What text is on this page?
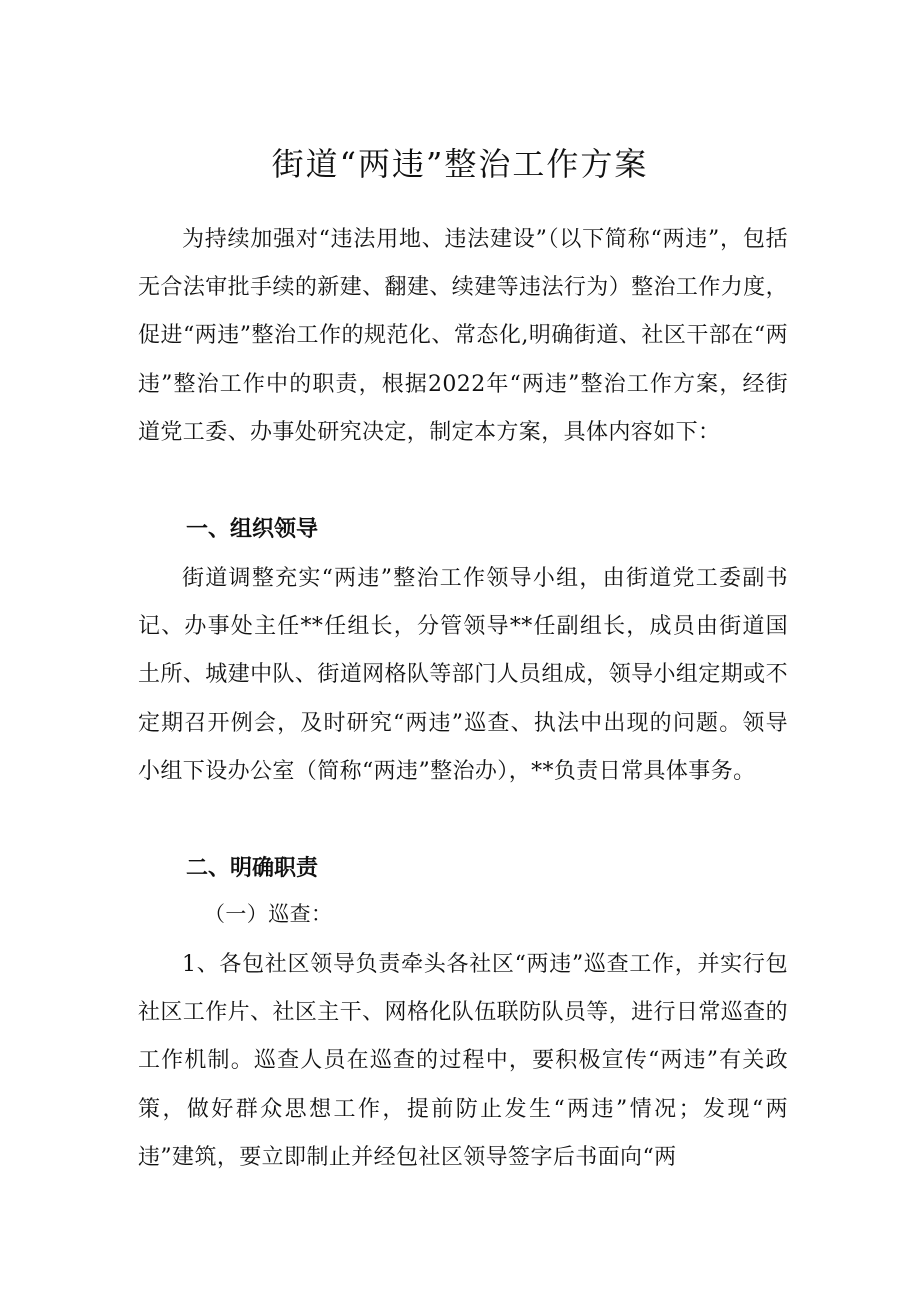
街道“两违”整治工作方案

为持续加强对“违法用地、违法建设”（以下简称“两违”，包括无合法审批手续的新建、翻建、续建等违法行为）整治工作力度，促进“两违”整治工作的规范化、常态化,明确街道、社区干部在“两违”整治工作中的职责，根据2022年“两违”整治工作方案，经街道党工委、办事处研究决定，制定本方案，具体内容如下：

一、组织领导

街道调整充实“两违”整治工作领导小组，由街道党工委副书记、办事处主任**任组长，分管领导**任副组长，成员由街道国土所、城建中队、街道网格队等部门人员组成，领导小组定期或不定期召开例会，及时研究“两违”巡查、执法中出现的问题。领导小组下设办公室（简称“两违”整治办），**负责日常具体事务。

二、明确职责

（一）巡查：

1、各包社区领导负责牵头各社区“两违”巡查工作，并实行包社区工作片、社区主干、网格化队伍联防队员等，进行日常巡查的工作机制。巡查人员在巡查的过程中，要积极宣传“两违”有关政策，做好群众思想工作，提前防止发生“两违”情况；发现“两违”建筑，要立即制止并经包社区领导签字后书面向“两
